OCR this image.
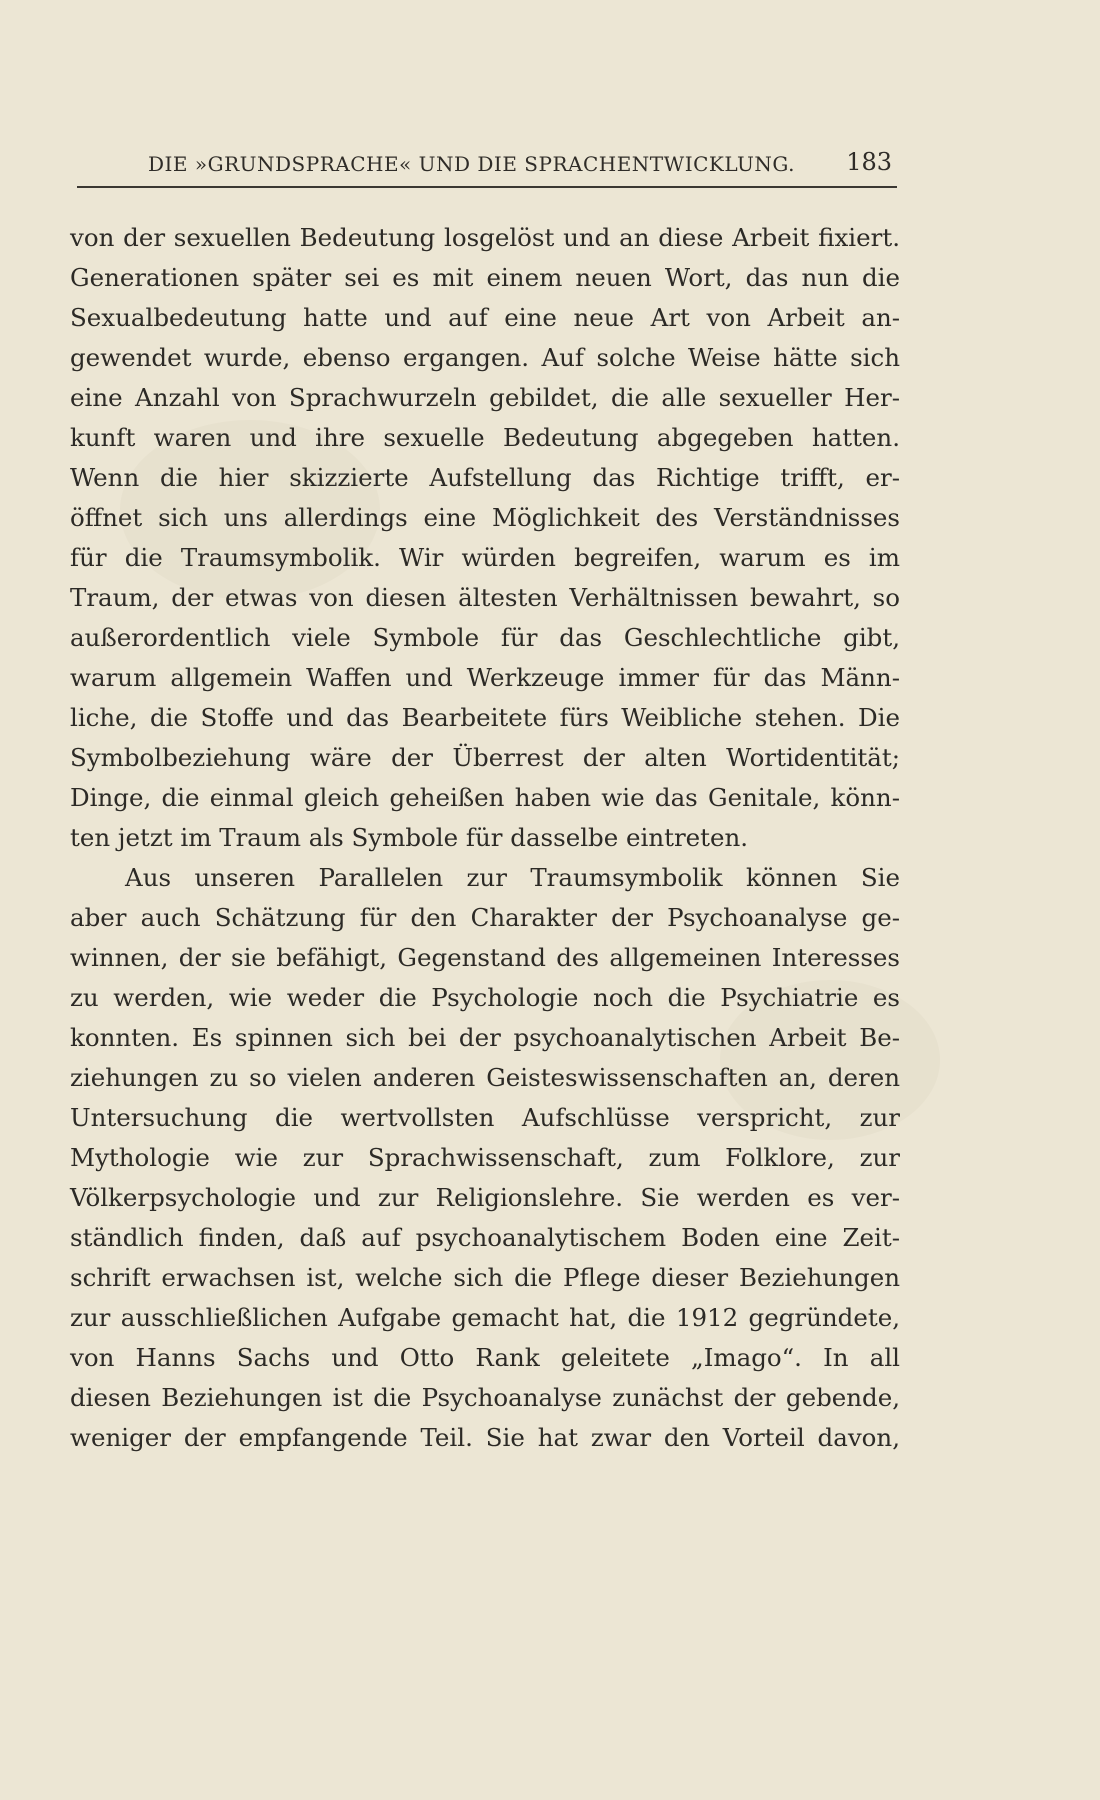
DIE »GRUNDSPRACHE« UND DIE SPRACHENTWICKLUNG. 183
von der sexuellen Bedeutung losgelöst und an diese Arbeit fixiert.
Generationen später sei es mit einem neuen Wort, das nun die
Sexualbedeutung hatte und auf eine neue Art von Arbeit an-
gewendet wurde, ebenso ergangen. Auf solche Weise hätte sich
eine Anzahl von Sprachwurzeln gebildet, die alle sexueller Her-
kunft waren und ihre sexuelle Bedeutung abgegeben hatten.
Wenn die hier skizzierte Aufstellung das Richtige trifft, er-
öffnet sich uns allerdings eine Möglichkeit des Verständnisses
für die Traumsymbolik. Wir würden begreifen, warum es im
Traum, der etwas von diesen ältesten Verhältnissen bewahrt, so
außerordentlich viele Symbole für das Geschlechtliche gibt,
warum allgemein Waffen und Werkzeuge immer für das Männ-
liche, die Stoffe und das Bearbeitete fürs Weibliche stehen. Die
Symbolbeziehung wäre der Überrest der alten Wortidentität;
Dinge, die einmal gleich geheißen haben wie das Genitale, könn-
ten jetzt im Traum als Symbole für dasselbe eintreten.
Aus unseren Parallelen zur Traumsymbolik können Sie
aber auch Schätzung für den Charakter der Psychoanalyse ge-
winnen, der sie befähigt, Gegenstand des allgemeinen Interesses
zu werden, wie weder die Psychologie noch die Psychiatrie es
konnten. Es spinnen sich bei der psychoanalytischen Arbeit Be-
ziehungen zu so vielen anderen Geisteswissenschaften an, deren
Untersuchung die wertvollsten Aufschlüsse verspricht, zur
Mythologie wie zur Sprachwissenschaft, zum Folklore, zur
Völkerpsychologie und zur Religionslehre. Sie werden es ver-
ständlich finden, daß auf psychoanalytischem Boden eine Zeit-
schrift erwachsen ist, welche sich die Pflege dieser Beziehungen
zur ausschließlichen Aufgabe gemacht hat, die 1912 gegründete,
von Hanns Sachs und Otto Rank geleitete „Imago“. In all
diesen Beziehungen ist die Psychoanalyse zunächst der gebende,
weniger der empfangende Teil. Sie hat zwar den Vorteil davon,
